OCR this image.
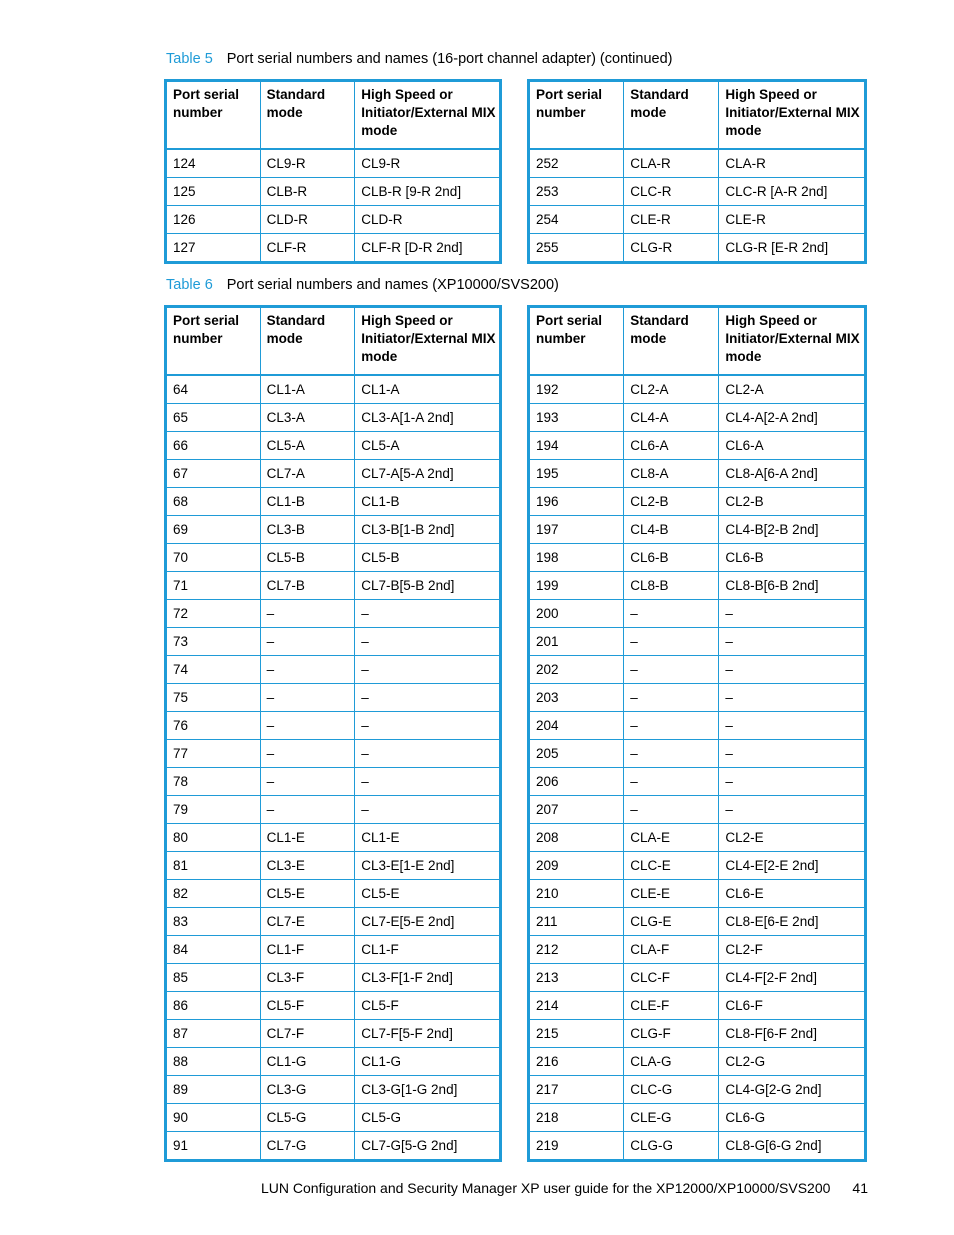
Table 5 Port serial numbers and names (16-port channel adapter) (continued)
Port serial number	Standard mode	High Speed or Initiator/External MIX mode
124	CL9-R	CL9-R
125	CLB-R	CLB-R [9-R 2nd]
126	CLD-R	CLD-R
127	CLF-R	CLF-R [D-R 2nd]
Port serial number	Standard mode	High Speed or Initiator/External MIX mode
252	CLA-R	CLA-R
253	CLC-R	CLC-R [A-R 2nd]
254	CLE-R	CLE-R
255	CLG-R	CLG-R [E-R 2nd]
Table 6 Port serial numbers and names (XP10000/SVS200)
Port serial number	Standard mode	High Speed or Initiator/External MIX mode
64	CL1-A	CL1-A
65	CL3-A	CL3-A[1-A 2nd]
66	CL5-A	CL5-A
67	CL7-A	CL7-A[5-A 2nd]
68	CL1-B	CL1-B
69	CL3-B	CL3-B[1-B 2nd]
70	CL5-B	CL5-B
71	CL7-B	CL7-B[5-B 2nd]
72	–	–
73	–	–
74	–	–
75	–	–
76	–	–
77	–	–
78	–	–
79	–	–
80	CL1-E	CL1-E
81	CL3-E	CL3-E[1-E 2nd]
82	CL5-E	CL5-E
83	CL7-E	CL7-E[5-E 2nd]
84	CL1-F	CL1-F
85	CL3-F	CL3-F[1-F 2nd]
86	CL5-F	CL5-F
87	CL7-F	CL7-F[5-F 2nd]
88	CL1-G	CL1-G
89	CL3-G	CL3-G[1-G 2nd]
90	CL5-G	CL5-G
91	CL7-G	CL7-G[5-G 2nd]
Port serial number	Standard mode	High Speed or Initiator/External MIX mode
192	CL2-A	CL2-A
193	CL4-A	CL4-A[2-A 2nd]
194	CL6-A	CL6-A
195	CL8-A	CL8-A[6-A 2nd]
196	CL2-B	CL2-B
197	CL4-B	CL4-B[2-B 2nd]
198	CL6-B	CL6-B
199	CL8-B	CL8-B[6-B 2nd]
200	–	–
201	–	–
202	–	–
203	–	–
204	–	–
205	–	–
206	–	–
207	–	–
208	CLA-E	CL2-E
209	CLC-E	CL4-E[2-E 2nd]
210	CLE-E	CL6-E
211	CLG-E	CL8-E[6-E 2nd]
212	CLA-F	CL2-F
213	CLC-F	CL4-F[2-F 2nd]
214	CLE-F	CL6-F
215	CLG-F	CL8-F[6-F 2nd]
216	CLA-G	CL2-G
217	CLC-G	CL4-G[2-G 2nd]
218	CLE-G	CL6-G
219	CLG-G	CL8-G[6-G 2nd]
LUN Configuration and Security Manager XP user guide for the XP12000/XP10000/SVS200 41
